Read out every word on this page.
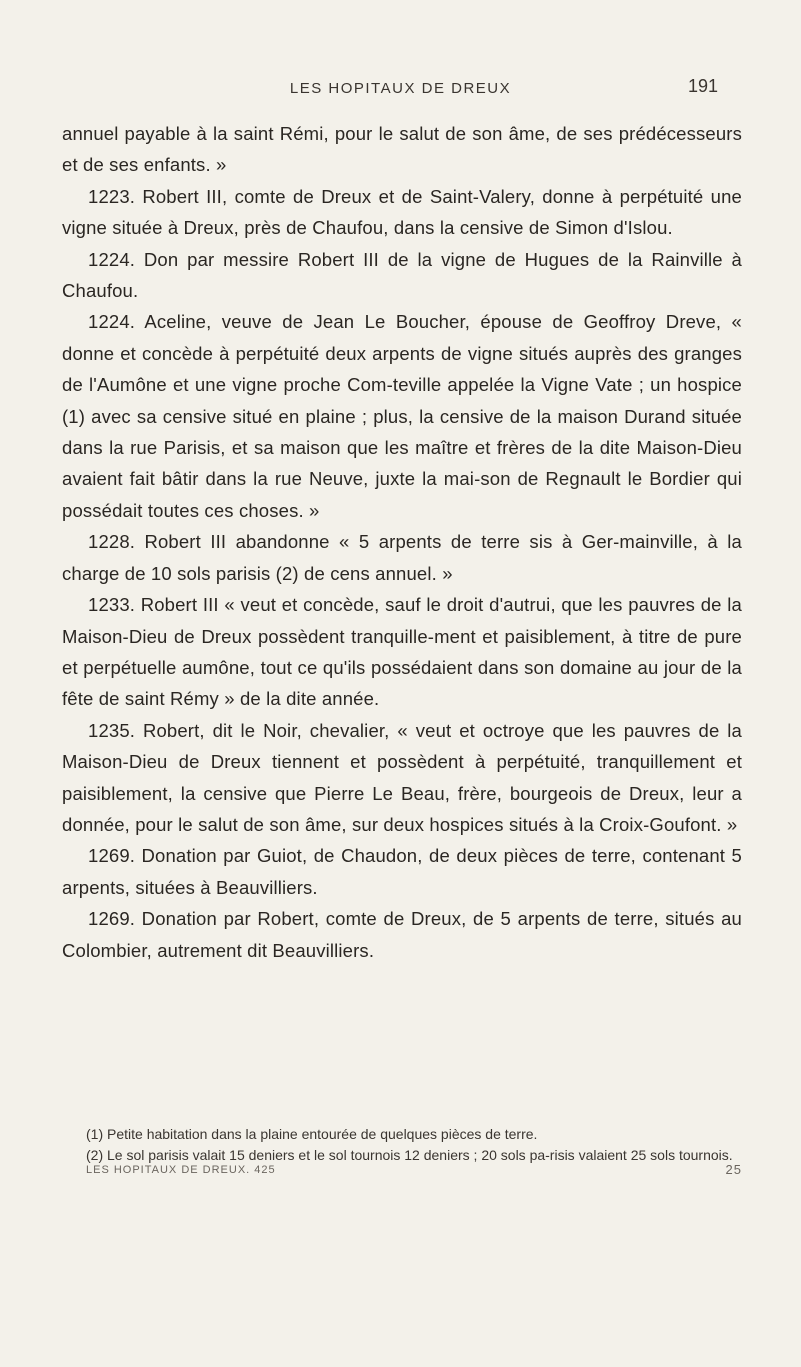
LES HOPITAUX DE DREUX	191

annuel payable à la saint Rémi, pour le salut de son âme, de ses prédécesseurs et de ses enfants. »

1223. Robert III, comte de Dreux et de Saint-Valery, donne à perpétuité une vigne située à Dreux, près de Chaufou, dans la censive de Simon d'Islou.

1224. Don par messire Robert III de la vigne de Hugues de la Rainville à Chaufou.

1224. Aceline, veuve de Jean Le Boucher, épouse de Geoffroy Dreve, « donne et concède à perpétuité deux arpents de vigne situés auprès des granges de l'Aumône et une vigne proche Com-teville appelée la Vigne Vate ; un hospice (1) avec sa censive situé en plaine ; plus, la censive de la maison Durand située dans la rue Parisis, et sa maison que les maître et frères de la dite Maison-Dieu avaient fait bâtir dans la rue Neuve, juxte la mai-son de Regnault le Bordier qui possédait toutes ces choses. »

1228. Robert III abandonne « 5 arpents de terre sis à Ger-mainville, à la charge de 10 sols parisis (2) de cens annuel. »

1233. Robert III « veut et concède, sauf le droit d'autrui, que les pauvres de la Maison-Dieu de Dreux possèdent tranquille-ment et paisiblement, à titre de pure et perpétuelle aumône, tout ce qu'ils possédaient dans son domaine au jour de la fête de saint Rémy » de la dite année.

1235. Robert, dit le Noir, chevalier, « veut et octroye que les pauvres de la Maison-Dieu de Dreux tiennent et possèdent à perpétuité, tranquillement et paisiblement, la censive que Pierre Le Beau, frère, bourgeois de Dreux, leur a donnée, pour le salut de son âme, sur deux hospices situés à la Croix-Goufont. »

1269. Donation par Guiot, de Chaudon, de deux pièces de terre, contenant 5 arpents, situées à Beauvilliers.

1269. Donation par Robert, comte de Dreux, de 5 arpents de terre, situés au Colombier, autrement dit Beauvilliers.

(1) Petite habitation dans la plaine entourée de quelques pièces de terre.

(2) Le sol parisis valait 15 deniers et le sol tournois 12 deniers ; 20 sols pa-risis valaient 25 sols tournois.

LES HOPITAUX DE DREUX. 425	25
